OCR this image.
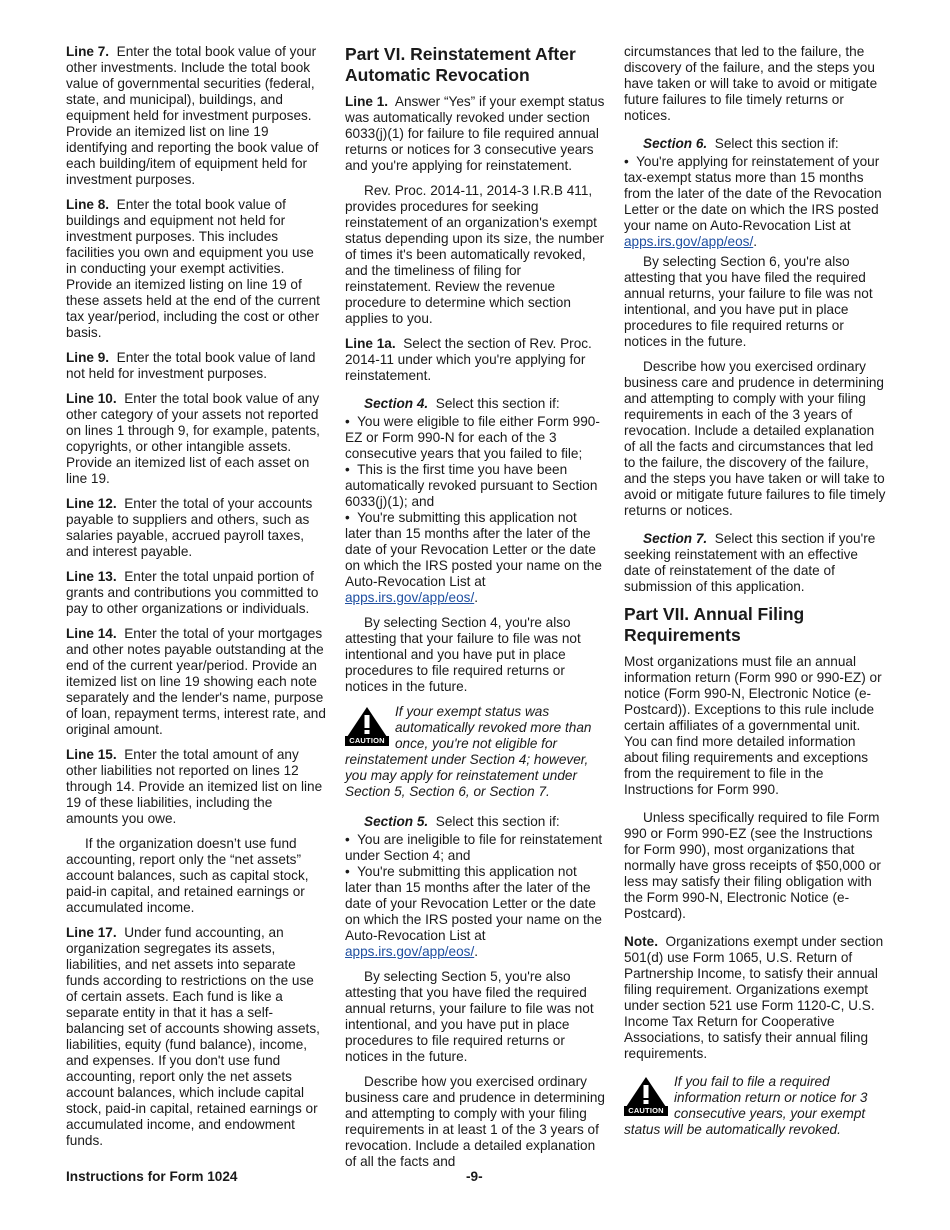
Line 7. Enter the total book value of your other investments. Include the total book value of governmental securities (federal, state, and municipal), buildings, and equipment held for investment purposes. Provide an itemized list on line 19 identifying and reporting the book value of each building/item of equipment held for investment purposes.

Line 8. Enter the total book value of buildings and equipment not held for investment purposes. This includes facilities you own and equipment you use in conducting your exempt activities. Provide an itemized listing on line 19 of these assets held at the end of the current tax year/period, including the cost or other basis.

Line 9. Enter the total book value of land not held for investment purposes.

Line 10. Enter the total book value of any other category of your assets not reported on lines 1 through 9, for example, patents, copyrights, or other intangible assets. Provide an itemized list of each asset on line 19.

Line 12. Enter the total of your accounts payable to suppliers and others, such as salaries payable, accrued payroll taxes, and interest payable.

Line 13. Enter the total unpaid portion of grants and contributions you committed to pay to other organizations or individuals.

Line 14. Enter the total of your mortgages and other notes payable outstanding at the end of the current year/period. Provide an itemized list on line 19 showing each note separately and the lender's name, purpose of loan, repayment terms, interest rate, and original amount.

Line 15. Enter the total amount of any other liabilities not reported on lines 12 through 14. Provide an itemized list on line 19 of these liabilities, including the amounts you owe.

If the organization doesn’t use fund accounting, report only the “net assets” account balances, such as capital stock, paid-in capital, and retained earnings or accumulated income.

Line 17. Under fund accounting, an organization segregates its assets, liabilities, and net assets into separate funds according to restrictions on the use of certain assets. Each fund is like a separate entity in that it has a self-balancing set of accounts showing assets, liabilities, equity (fund balance), income, and expenses. If you don't use fund accounting, report only the net assets account balances, which include capital stock, paid-in capital, retained earnings or accumulated income, and endowment funds.

Part VI. Reinstatement After Automatic Revocation

Line 1. Answer “Yes” if your exempt status was automatically revoked under section 6033(j)(1) for failure to file required annual returns or notices for 3 consecutive years and you're applying for reinstatement.

Rev. Proc. 2014-11, 2014-3 I.R.B 411, provides procedures for seeking reinstatement of an organization's exempt status depending upon its size, the number of times it's been automatically revoked, and the timeliness of filing for reinstatement. Review the revenue procedure to determine which section applies to you.

Line 1a. Select the section of Rev. Proc. 2014-11 under which you're applying for reinstatement.

Section 4. Select this section if:

•  You were eligible to file either Form 990-EZ or Form 990-N for each of the 3 consecutive years that you failed to file;
•  This is the first time you have been automatically revoked pursuant to Section 6033(j)(1); and
•  You're submitting this application not later than 15 months after the later of the date of your Revocation Letter or the date on which the IRS posted your name on the Auto-Revocation List at apps.irs.gov/app/eos/.

By selecting Section 4, you're also attesting that your failure to file was not intentional and you have put in place procedures to file required returns or notices in the future.

CAUTION
If your exempt status was automatically revoked more than once, you're not eligible for reinstatement under Section 4; however, you may apply for reinstatement under Section 5, Section 6, or Section 7.

Section 5. Select this section if:

•  You are ineligible to file for reinstatement under Section 4; and
•  You're submitting this application not later than 15 months after the later of the date of your Revocation Letter or the date on which the IRS posted your name on the Auto-Revocation List at apps.irs.gov/app/eos/.

By selecting Section 5, you're also attesting that you have filed the required annual returns, your failure to file was not intentional, and you have put in place procedures to file required returns or notices in the future.

Describe how you exercised ordinary business care and prudence in determining and attempting to comply with your filing requirements in at least 1 of the 3 years of revocation. Include a detailed explanation of all the facts and

circumstances that led to the failure, the discovery of the failure, and the steps you have taken or will take to avoid or mitigate future failures to file timely returns or notices.

Section 6. Select this section if:

•  You're applying for reinstatement of your tax-exempt status more than 15 months from the later of the date of the Revocation Letter or the date on which the IRS posted your name on Auto-Revocation List at apps.irs.gov/app/eos/.

By selecting Section 6, you're also attesting that you have filed the required annual returns, your failure to file was not intentional, and you have put in place procedures to file required returns or notices in the future.

Describe how you exercised ordinary business care and prudence in determining and attempting to comply with your filing requirements in each of the 3 years of revocation. Include a detailed explanation of all the facts and circumstances that led to the failure, the discovery of the failure, and the steps you have taken or will take to avoid or mitigate future failures to file timely returns or notices.

Section 7. Select this section if you're seeking reinstatement with an effective date of reinstatement of the date of submission of this application.

Part VII. Annual Filing Requirements

Most organizations must file an annual information return (Form 990 or 990-EZ) or notice (Form 990-N, Electronic Notice (e-Postcard)). Exceptions to this rule include certain affiliates of a governmental unit. You can find more detailed information about filing requirements and exceptions from the requirement to file in the Instructions for Form 990.

Unless specifically required to file Form 990 or Form 990-EZ (see the Instructions for Form 990), most organizations that normally have gross receipts of $50,000 or less may satisfy their filing obligation with the Form 990-N, Electronic Notice (e-Postcard).

Note. Organizations exempt under section 501(d) use Form 1065, U.S. Return of Partnership Income, to satisfy their annual filing requirement. Organizations exempt under section 521 use Form 1120-C, U.S. Income Tax Return for Cooperative Associations, to satisfy their annual filing requirements.

CAUTION
If you fail to file a required information return or notice for 3 consecutive years, your exempt status will be automatically revoked.
Instructions for Form 1024	-9-
